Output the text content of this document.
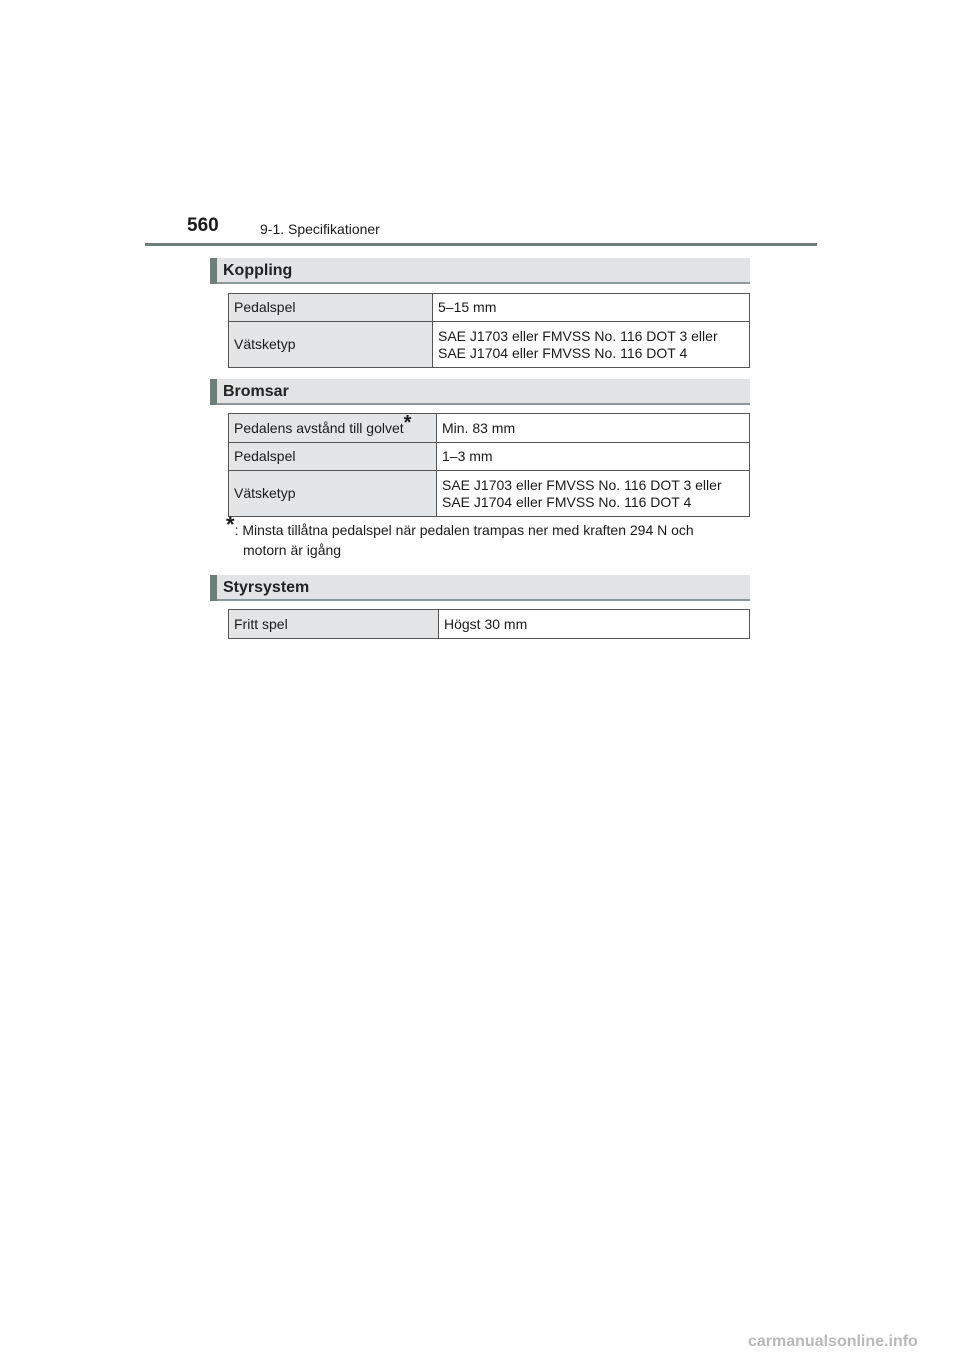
560	9-1. Specifikationer
Koppling
Pedalspel	5–15 mm
Vätsketyp	SAE J1703 eller FMVSS No. 116 DOT 3 eller
SAE J1704 eller FMVSS No. 116 DOT 4
Bromsar
Pedalens avstånd till golvet*	Min. 83 mm
Pedalspel	1–3 mm
Vätsketyp	SAE J1703 eller FMVSS No. 116 DOT 3 eller
SAE J1704 eller FMVSS No. 116 DOT 4
*: Minsta tillåtna pedalspel när pedalen trampas ner med kraften 294 N och
motorn är igång
Styrsystem
Fritt spel	Högst 30 mm
carmanualsonline.info
